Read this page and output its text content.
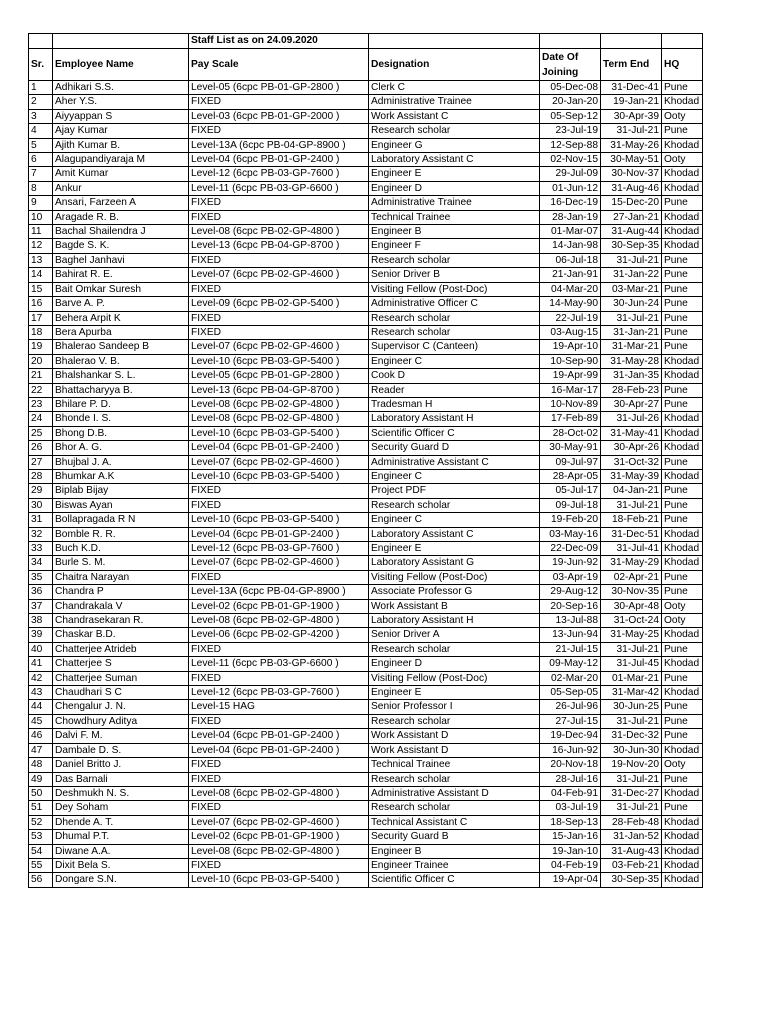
		Staff List as on 24.09.2020				
Sr.	Employee Name	Pay Scale	Designation	Date Of Joining	Term End	HQ
1	Adhikari S.S.	Level-05 (6cpc PB-01-GP-2800 )	Clerk C	05-Dec-08	31-Dec-41	Pune
2	Aher Y.S.	FIXED	Administrative Trainee	20-Jan-20	19-Jan-21	Khodad
3	Aiyyappan S	Level-03 (6cpc PB-01-GP-2000 )	Work Assistant C	05-Sep-12	30-Apr-39	Ooty
4	Ajay Kumar	FIXED	Research scholar	23-Jul-19	31-Jul-21	Pune
5	Ajith Kumar B.	Level-13A (6cpc PB-04-GP-8900 )	Engineer G	12-Sep-88	31-May-26	Khodad
6	Alagupandiyaraja M	Level-04 (6cpc PB-01-GP-2400 )	Laboratory Assistant C	02-Nov-15	30-May-51	Ooty
7	Amit Kumar	Level-12 (6cpc PB-03-GP-7600 )	Engineer E	29-Jul-09	30-Nov-37	Khodad
8	Ankur	Level-11 (6cpc PB-03-GP-6600 )	Engineer D	01-Jun-12	31-Aug-46	Khodad
9	Ansari, Farzeen A	FIXED	Administrative Trainee	16-Dec-19	15-Dec-20	Pune
10	Aragade R. B.	FIXED	Technical Trainee	28-Jan-19	27-Jan-21	Khodad
11	Bachal Shailendra J	Level-08 (6cpc PB-02-GP-4800 )	Engineer B	01-Mar-07	31-Aug-44	Khodad
12	Bagde S. K.	Level-13 (6cpc PB-04-GP-8700 )	Engineer F	14-Jan-98	30-Sep-35	Khodad
13	Baghel Janhavi	FIXED	Research scholar	06-Jul-18	31-Jul-21	Pune
14	Bahirat R. E.	Level-07 (6cpc PB-02-GP-4600 )	Senior Driver B	21-Jan-91	31-Jan-22	Pune
15	Bait Omkar Suresh	FIXED	Visiting Fellow (Post-Doc)	04-Mar-20	03-Mar-21	Pune
16	Barve A. P.	Level-09 (6cpc PB-02-GP-5400 )	Administrative Officer C	14-May-90	30-Jun-24	Pune
17	Behera Arpit K	FIXED	Research scholar	22-Jul-19	31-Jul-21	Pune
18	Bera Apurba	FIXED	Research scholar	03-Aug-15	31-Jan-21	Pune
19	Bhalerao Sandeep B	Level-07 (6cpc PB-02-GP-4600 )	Supervisor C (Canteen)	19-Apr-10	31-Mar-21	Pune
20	Bhalerao V. B.	Level-10 (6cpc PB-03-GP-5400 )	Engineer C	10-Sep-90	31-May-28	Khodad
21	Bhalshankar S. L.	Level-05 (6cpc PB-01-GP-2800 )	Cook D	19-Apr-99	31-Jan-35	Khodad
22	Bhattacharyya B.	Level-13 (6cpc PB-04-GP-8700 )	Reader	16-Mar-17	28-Feb-23	Pune
23	Bhilare P. D.	Level-08 (6cpc PB-02-GP-4800 )	Tradesman H	10-Nov-89	30-Apr-27	Pune
24	Bhonde I. S.	Level-08 (6cpc PB-02-GP-4800 )	Laboratory Assistant H	17-Feb-89	31-Jul-26	Khodad
25	Bhong D.B.	Level-10 (6cpc PB-03-GP-5400 )	Scientific Officer C	28-Oct-02	31-May-41	Khodad
26	Bhor A. G.	Level-04 (6cpc PB-01-GP-2400 )	Security Guard D	30-May-91	30-Apr-26	Khodad
27	Bhujbal J. A.	Level-07 (6cpc PB-02-GP-4600 )	Administrative Assistant C	09-Jul-97	31-Oct-32	Pune
28	Bhumkar A.K	Level-10 (6cpc PB-03-GP-5400 )	Engineer C	28-Apr-05	31-May-39	Khodad
29	Biplab Bijay	FIXED	Project PDF	05-Jul-17	04-Jan-21	Pune
30	Biswas Ayan	FIXED	Research scholar	09-Jul-18	31-Jul-21	Pune
31	Bollapragada R N	Level-10 (6cpc PB-03-GP-5400 )	Engineer C	19-Feb-20	18-Feb-21	Pune
32	Bomble R. R.	Level-04 (6cpc PB-01-GP-2400 )	Laboratory Assistant C	03-May-16	31-Dec-51	Khodad
33	Buch K.D.	Level-12 (6cpc PB-03-GP-7600 )	Engineer E	22-Dec-09	31-Jul-41	Khodad
34	Burle S. M.	Level-07 (6cpc PB-02-GP-4600 )	Laboratory Assistant G	19-Jun-92	31-May-29	Khodad
35	Chaitra Narayan	FIXED	Visiting Fellow (Post-Doc)	03-Apr-19	02-Apr-21	Pune
36	Chandra P	Level-13A (6cpc PB-04-GP-8900 )	Associate Professor G	29-Aug-12	30-Nov-35	Pune
37	Chandrakala V	Level-02 (6cpc PB-01-GP-1900 )	Work Assistant B	20-Sep-16	30-Apr-48	Ooty
38	Chandrasekaran R.	Level-08 (6cpc PB-02-GP-4800 )	Laboratory Assistant H	13-Jul-88	31-Oct-24	Ooty
39	Chaskar B.D.	Level-06 (6cpc PB-02-GP-4200 )	Senior Driver A	13-Jun-94	31-May-25	Khodad
40	Chatterjee Atrideb	FIXED	Research scholar	21-Jul-15	31-Jul-21	Pune
41	Chatterjee S	Level-11 (6cpc PB-03-GP-6600 )	Engineer D	09-May-12	31-Jul-45	Khodad
42	Chatterjee Suman	FIXED	Visiting Fellow (Post-Doc)	02-Mar-20	01-Mar-21	Pune
43	Chaudhari S C	Level-12 (6cpc PB-03-GP-7600 )	Engineer E	05-Sep-05	31-Mar-42	Khodad
44	Chengalur J. N.	Level-15 HAG	Senior Professor I	26-Jul-96	30-Jun-25	Pune
45	Chowdhury Aditya	FIXED	Research scholar	27-Jul-15	31-Jul-21	Pune
46	Dalvi F. M.	Level-04 (6cpc PB-01-GP-2400 )	Work Assistant D	19-Dec-94	31-Dec-32	Pune
47	Dambale D. S.	Level-04 (6cpc PB-01-GP-2400 )	Work Assistant D	16-Jun-92	30-Jun-30	Khodad
48	Daniel Britto J.	FIXED	Technical Trainee	20-Nov-18	19-Nov-20	Ooty
49	Das Barnali	FIXED	Research scholar	28-Jul-16	31-Jul-21	Pune
50	Deshmukh N. S.	Level-08 (6cpc PB-02-GP-4800 )	Administrative Assistant D	04-Feb-91	31-Dec-27	Khodad
51	Dey Soham	FIXED	Research scholar	03-Jul-19	31-Jul-21	Pune
52	Dhende A. T.	Level-07 (6cpc PB-02-GP-4600 )	Technical Assistant C	18-Sep-13	28-Feb-48	Khodad
53	Dhumal P.T.	Level-02 (6cpc PB-01-GP-1900 )	Security Guard B	15-Jan-16	31-Jan-52	Khodad
54	Diwane A.A.	Level-08 (6cpc PB-02-GP-4800 )	Engineer B	19-Jan-10	31-Aug-43	Khodad
55	Dixit Bela S.	FIXED	Engineer Trainee	04-Feb-19	03-Feb-21	Khodad
56	Dongare S.N.	Level-10 (6cpc PB-03-GP-5400 )	Scientific Officer C	19-Apr-04	30-Sep-35	Khodad
